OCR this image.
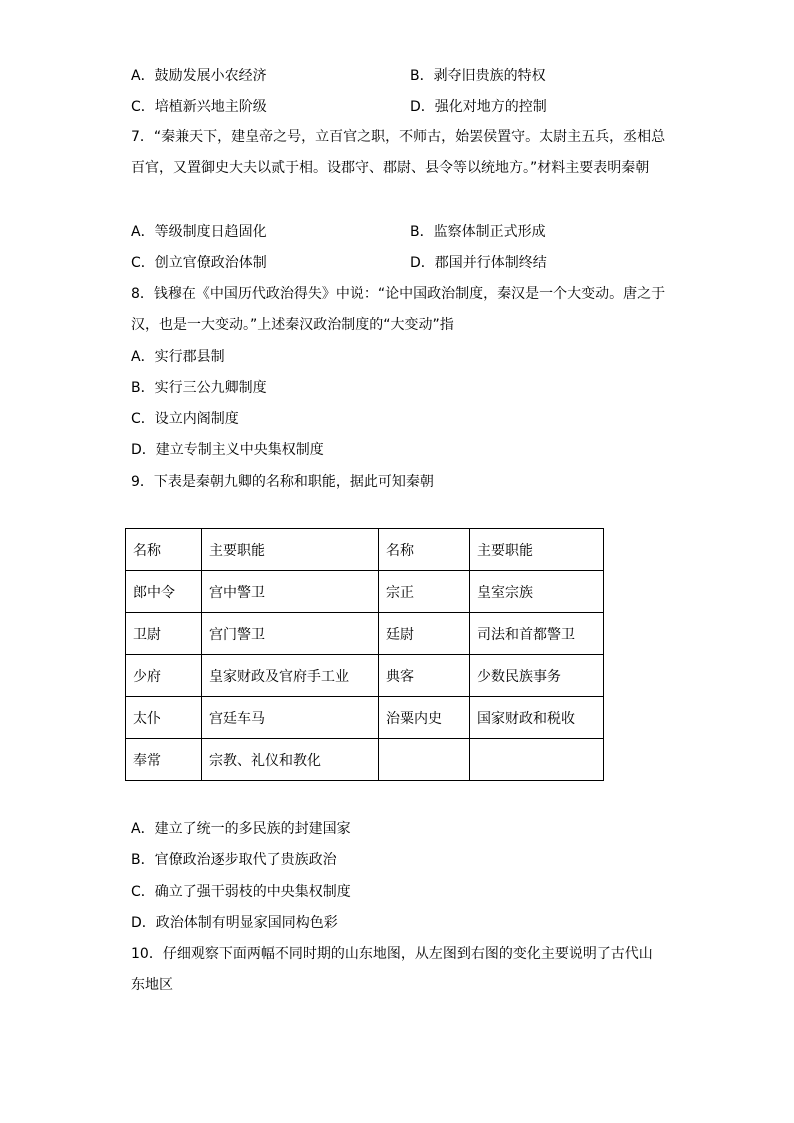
A．鼓励发展小农经济	B．剥夺旧贵族的特权
C．培植新兴地主阶级	D．强化对地方的控制
7．“秦兼天下，建皇帝之号，立百官之职，不师古，始罢侯置守。太尉主五兵，丞相总百官，又置御史大夫以贰于相。设郡守、郡尉、县令等以统地方。”材料主要表明秦朝
A．等级制度日趋固化	B．监察体制正式形成
C．创立官僚政治体制	D．郡国并行体制终结
8．钱穆在《中国历代政治得失》中说：“论中国政治制度，秦汉是一个大变动。唐之于汉，也是一大变动。”上述秦汉政治制度的“大变动”指
A．实行郡县制
B．实行三公九卿制度
C．设立内阁制度
D．建立专制主义中央集权制度
9．下表是秦朝九卿的名称和职能，据此可知秦朝
名称	主要职能	名称	主要职能
郎中令	宫中警卫	宗正	皇室宗族
卫尉	宫门警卫	廷尉	司法和首都警卫
少府	皇家财政及官府手工业	典客	少数民族事务
太仆	宫廷车马	治粟内史	国家财政和税收
奉常	宗教、礼仪和教化		
A．建立了统一的多民族的封建国家
B．官僚政治逐步取代了贵族政治
C．确立了强干弱枝的中央集权制度
D．政治体制有明显家国同构色彩
10．仔细观察下面两幅不同时期的山东地图，从左图到右图的变化主要说明了古代山东地区
